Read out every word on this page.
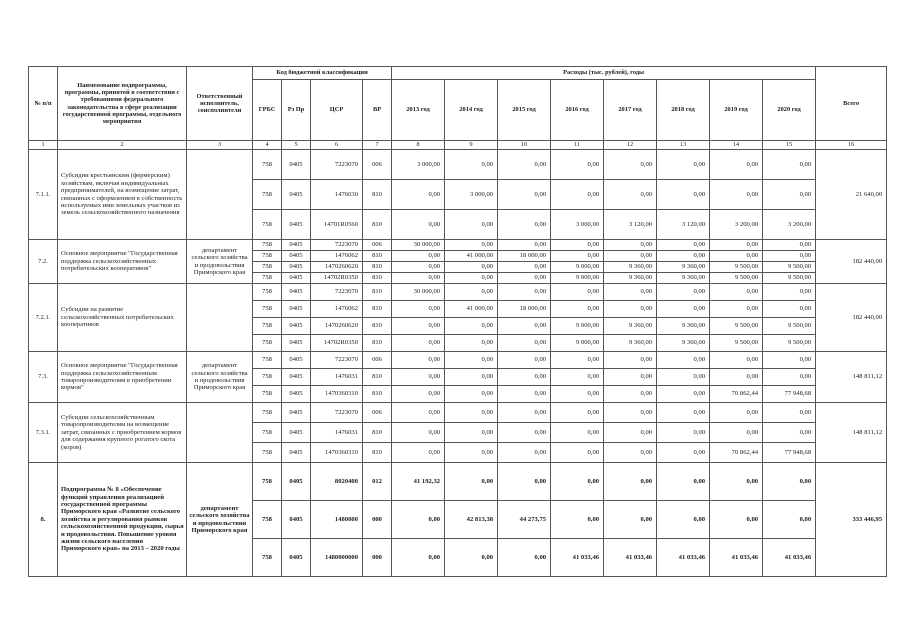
№ п/п	Наименование подпрограммы, программы, принятой в соответствии с требованиями федерального законодательства в сфере реализации государственной программы, отдельного мероприятия	Ответственный исполнитель, соисполнители	Код бюджетной классификации				Расходы (тыс. рублей), годы								Всего
			ГРБС	Рз Пр	ЦСР	ВР	2013 год	2014 год	2015 год	2016 год	2017 год	2018 год	2019 год	2020 год	
1	2	3	4	5	6	7	8	9	10	11	12	13	14	15	16
7.1.1.	Субсидии крестьянским (фермерским) хозяйствам, включая индивидуальных предпринимателей, на возмещение затрат, связанных с оформлением в собственность используемых ими земельных участков из земель сельскохозяйственного назначения		758	0405	7223070	006	3 000,00	0,00	0,00	0,00	0,00	0,00	0,00	0,00	21 640,00
			758	0405	1476030	810	0,00	3 000,00	0,00	0,00	0,00	0,00	0,00	0,00	
			758	0405	14701R0560	810	0,00	0,00	0,00	3 000,00	3 120,00	3 120,00	3 200,00	3 200,00	
7.2.	Основное мероприятие "Государственная поддержка сельскохозяйственных потребительских кооперативов"	департамент сельского хозяйства и продовольствия Приморского края	758	0405	7223070	006	30 000,00	0,00	0,00	0,00	0,00	0,00	0,00	0,00	182 440,00
			758	0405	1476062	810	0,00	41 000,00	18 000,00	0,00	0,00	0,00	0,00	0,00	
			758	0405	1470260620	810	0,00	0,00	0,00	9 000,00	9 360,00	9 360,00	9 500,00	9 500,00	
			758	0405	14702R0350	810	0,00	0,00	0,00	9 000,00	9 360,00	9 360,00	9 500,00	9 500,00	
7.2.1.	Субсидии на развитие сельскохозяйственных потребительских кооперативов		758	0405	7223070	810	30 000,00	0,00	0,00	0,00	0,00	0,00	0,00	0,00	182 440,00
			758	0405	1476062	810	0,00	41 000,00	18 000,00	0,00	0,00	0,00	0,00	0,00	
			758	0405	1470260620	810	0,00	0,00	0,00	9 000,00	9 360,00	9 360,00	9 500,00	9 500,00	
			758	0405	14702R0350	810	0,00	0,00	0,00	9 000,00	9 360,00	9 360,00	9 500,00	9 500,00	
7.3.	Основное мероприятие "Государственная поддержка сельскохозяйственным товаропроизводителям в приобретении кормов"	департамент сельского хозяйства и продовольствия Приморского края	758	0405	7223070	006	0,00	0,00	0,00	0,00	0,00	0,00	0,00	0,00	148 811,12
			758	0405	1476031	810	0,00	0,00	0,00	0,00	0,00	0,00	0,00	0,00	
			758	0405	1470360310	810	0,00	0,00	0,00	0,00	0,00	0,00	70 862,44	77 948,68	
7.3.1.	Субсидии сельскохозяйственным товаропроизводителям на возмещение затрат, связанных с приобретением кормов для содержания крупного рогатого скота (коров)		758	0405	7223070	006	0,00	0,00	0,00	0,00	0,00	0,00	0,00	0,00	148 811,12
			758	0405	1476031	810	0,00	0,00	0,00	0,00	0,00	0,00	0,00	0,00	
			758	0405	1470360310	810	0,00	0,00	0,00	0,00	0,00	0,00	70 862,44	77 948,68	
8.	Подпрограмма № 8 «Обеспечение функций управления реализацией государственной программы Приморского края «Развитие сельского хозяйства и регулирования рынков сельскохозяйственной продукции, сырья и продовольствия. Повышение уровня жизни сельского населения Приморского края» на 2013 – 2020 годы	департамент сельского хозяйства и продовольствия Приморского края	758	0405	8020400	012	41 192,32	0,00	0,00	0,00	0,00	0,00	0,00	0,00	333 446,95
			758	0405	1480000	000	0,00	42 813,38	44 273,75	0,00	0,00	0,00	0,00	0,00	
			758	0405	1480000000	000	0,00	0,00	0,00	41 033,46	41 033,46	41 033,46	41 033,46	41 033,46	
